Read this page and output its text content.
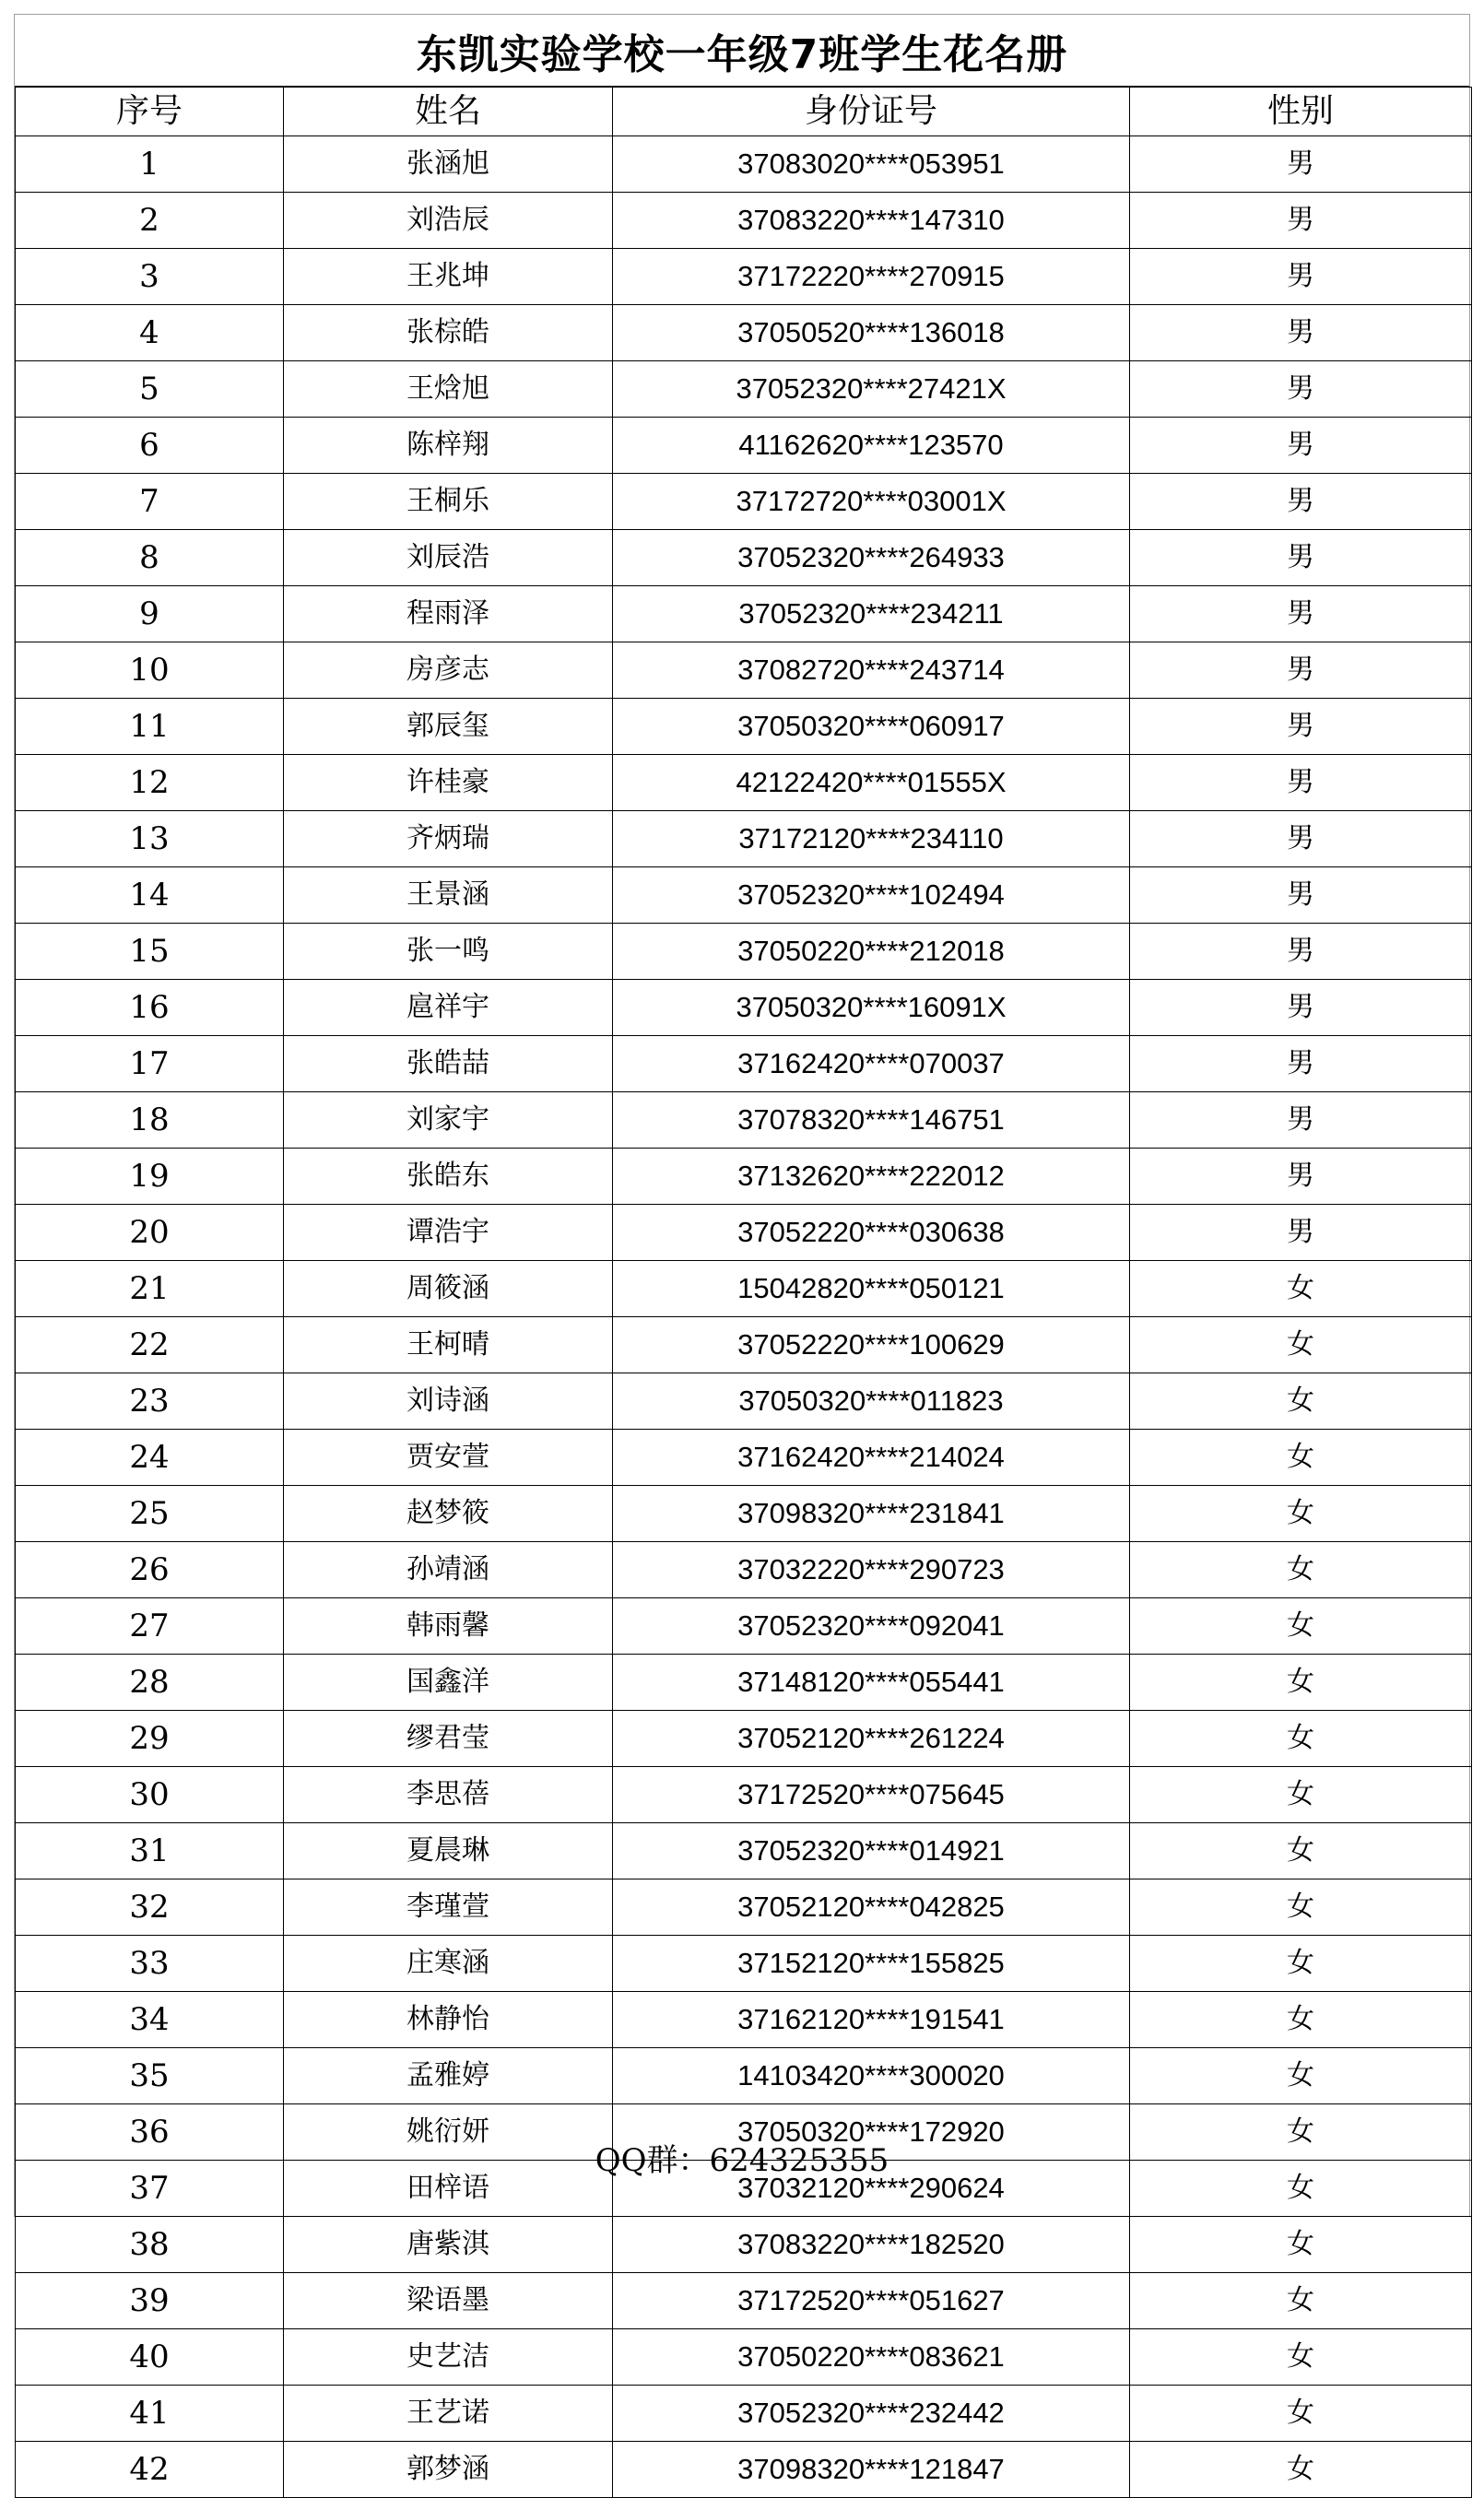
东凯实验学校一年级7班学生花名册
序号	姓名	身份证号	性别
1	张涵旭	37083020****053951	男
2	刘浩辰	37083220****147310	男
3	王兆坤	37172220****270915	男
4	张棕皓	37050520****136018	男
5	王焓旭	37052320****27421X	男
6	陈梓翔	41162620****123570	男
7	王桐乐	37172720****03001X	男
8	刘辰浩	37052320****264933	男
9	程雨泽	37052320****234211	男
10	房彦志	37082720****243714	男
11	郭辰玺	37050320****060917	男
12	许桂豪	42122420****01555X	男
13	齐炳瑞	37172120****234110	男
14	王景涵	37052320****102494	男
15	张一鸣	37050220****212018	男
16	扈祥宇	37050320****16091X	男
17	张皓喆	37162420****070037	男
18	刘家宇	37078320****146751	男
19	张皓东	37132620****222012	男
20	谭浩宇	37052220****030638	男
21	周筱涵	15042820****050121	女
22	王柯晴	37052220****100629	女
23	刘诗涵	37050320****011823	女
24	贾安萱	37162420****214024	女
25	赵梦筱	37098320****231841	女
26	孙靖涵	37032220****290723	女
27	韩雨馨	37052320****092041	女
28	国鑫洋	37148120****055441	女
29	缪君莹	37052120****261224	女
30	李思蓓	37172520****075645	女
31	夏晨琳	37052320****014921	女
32	李瑾萱	37052120****042825	女
33	庄寒涵	37152120****155825	女
34	林静怡	37162120****191541	女
35	孟雅婷	14103420****300020	女
36	姚衍妍	37050320****172920	女
37	田梓语	37032120****290624	女
38	唐紫淇	37083220****182520	女
39	梁语墨	37172520****051627	女
40	史艺洁	37050220****083621	女
41	王艺诺	37052320****232442	女
42	郭梦涵	37098320****121847	女
QQ群：624325355
